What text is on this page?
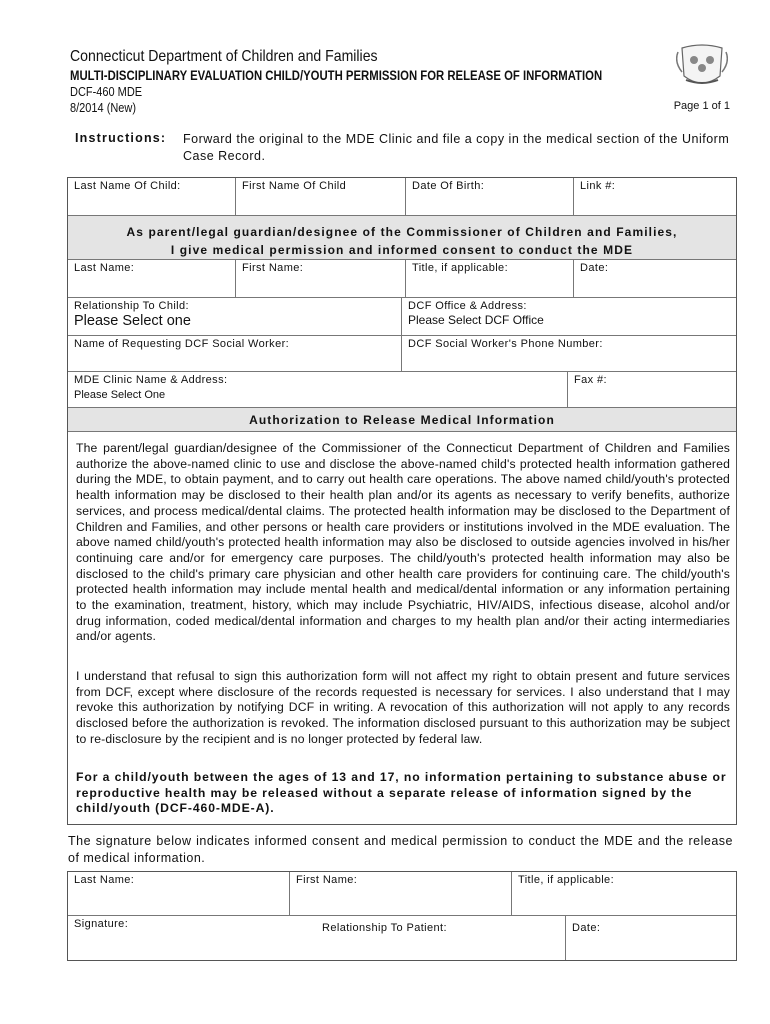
Connecticut Department of Children and Families
MULTI-DISCIPLINARY EVALUATION CHILD/YOUTH PERMISSION FOR RELEASE OF INFORMATION
DCF-460 MDE
8/2014 (New)	Page 1 of 1
Instructions: Forward the original to the MDE Clinic and file a copy in the medical section of the Uniform Case Record.
Last Name Of Child:	First Name Of Child	Date Of Birth:	Link #:
As parent/legal guardian/designee of the Commissioner of Children and Families,
I give medical permission and informed consent to conduct the MDE
Last Name:	First Name:	Title, if applicable:	Date:
Relationship To Child:
Please Select one
DCF Office & Address:
Please Select DCF Office
Name of Requesting DCF Social Worker:	DCF Social Worker's Phone Number:
MDE Clinic Name & Address:
Please Select One
Fax #:
Authorization to Release Medical Information
The parent/legal guardian/designee of the Commissioner of the Connecticut Department of Children and Families authorize the above-named clinic to use and disclose the above-named child's protected health information gathered during the MDE, to obtain payment, and to carry out health care operations. The above named child/youth's protected health information may be disclosed to their health plan and/or its agents as necessary to verify benefits, authorize services, and process medical/dental claims. The protected health information may be disclosed to the Department of Children and Families, and other persons or health care providers or institutions involved in the MDE evaluation. The above named child/youth's protected health information may also be disclosed to outside agencies involved in his/her continuing care and/or for emergency care purposes. The child/youth's protected health information may also be disclosed to the child's primary care physician and other health care providers for continuing care. The child/youth's protected health information may include mental health and medical/dental information or any information pertaining to the examination, treatment, history, which may include Psychiatric, HIV/AIDS, infectious disease, alcohol and/or drug information, coded medical/dental information and charges to my health plan and/or their acting intermediaries and/or agents.
I understand that refusal to sign this authorization form will not affect my right to obtain present and future services from DCF, except where disclosure of the records requested is necessary for services. I also understand that I may revoke this authorization by notifying DCF in writing. A revocation of this authorization will not apply to any records disclosed before the authorization is revoked. The information disclosed pursuant to this authorization may be subject to re-disclosure by the recipient and is no longer protected by federal law.
For a child/youth between the ages of 13 and 17, no information pertaining to substance abuse or reproductive health may be released without a separate release of information signed by the child/youth (DCF-460-MDE-A).
The signature below indicates informed consent and medical permission to conduct the MDE and the release of medical information.
Last Name:	First Name:	Title, if applicable:
Signature:	Relationship To Patient:	Date:
